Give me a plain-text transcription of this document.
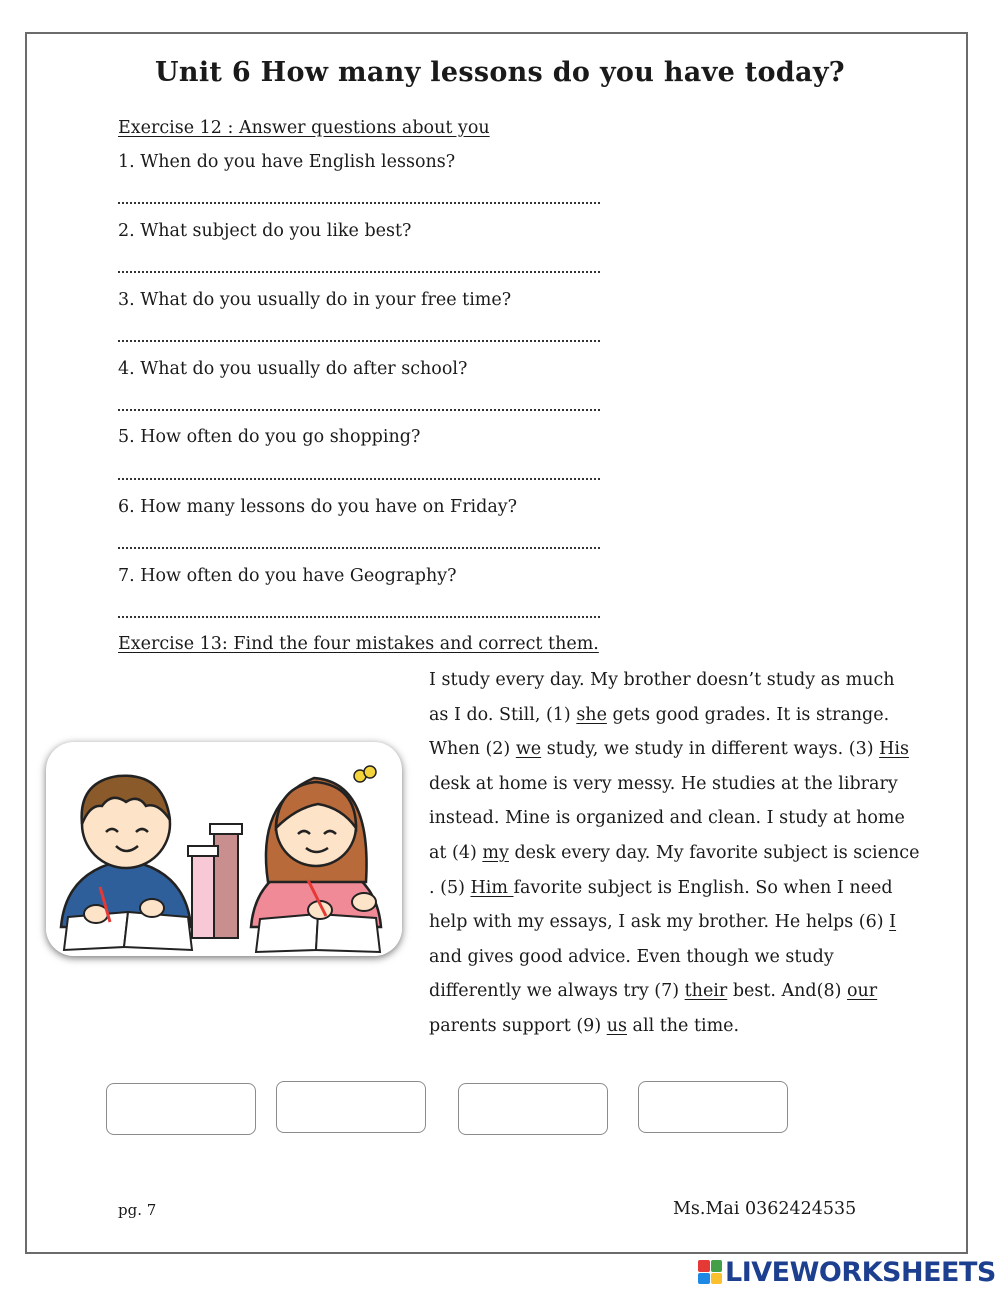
Unit 6 How many lessons do you have today?
Exercise 12 : Answer questions about you
1. When do you have English lessons?
2. What subject do you like best?
3. What do you usually do in your free time?
4. What do you usually do after school?
5. How often do you go shopping?
6. How many lessons do you have on Friday?
7. How often do you have Geography?
Exercise 13: Find the four mistakes and correct them.
I study every day. My brother doesn’t study as much
as I do. Still, (1) she gets good grades. It is strange.
When (2) we study, we study in different ways. (3) His
desk at home is very messy. He studies at the library
instead. Mine is organized and clean. I study at home
at (4) my desk every day. My favorite subject is science
. (5) Him favorite subject is English. So when I need
help with my essays, I ask my brother. He helps (6) I
and gives good advice. Even though we study
differently we always try (7) their best. And(8) our
parents support (9) us all the time.
pg. 7	Ms.Mai 0362424535
LIVEWORKSHEETS
